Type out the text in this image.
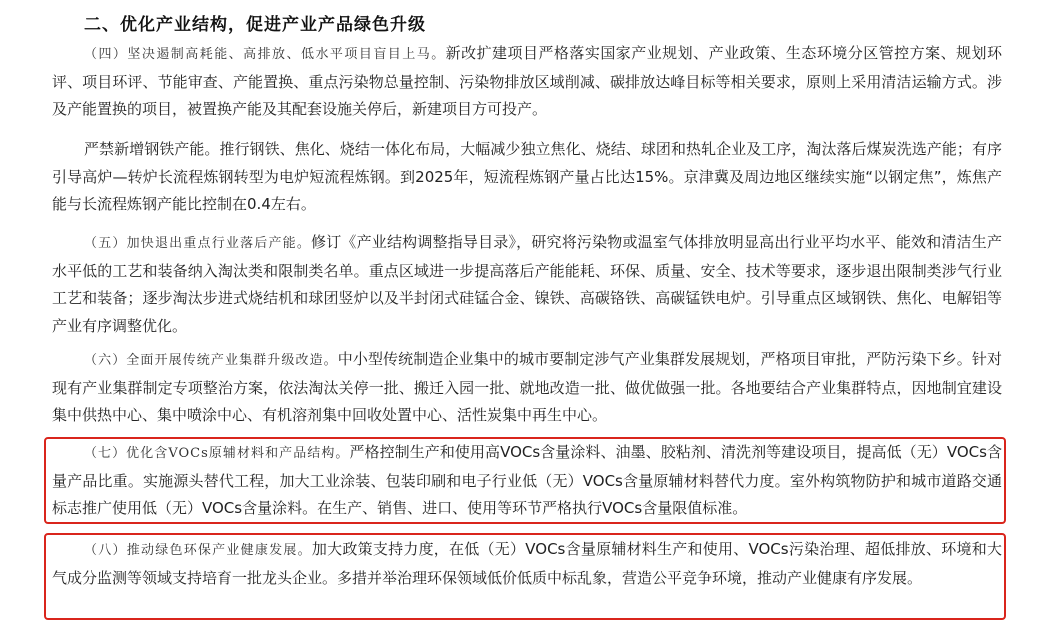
二、优化产业结构，促进产业产品绿色升级
（四）坚决遏制高耗能、高排放、低水平项目盲目上马。新改扩建项目严格落实国家产业规划、产业政策、生态环境分区管控方案、规划环评、项目环评、节能审查、产能置换、重点污染物总量控制、污染物排放区域削减、碳排放达峰目标等相关要求，原则上采用清洁运输方式。涉及产能置换的项目，被置换产能及其配套设施关停后，新建项目方可投产。
严禁新增钢铁产能。推行钢铁、焦化、烧结一体化布局，大幅减少独立焦化、烧结、球团和热轧企业及工序，淘汰落后煤炭洗选产能；有序引导高炉—转炉长流程炼钢转型为电炉短流程炼钢。到2025年，短流程炼钢产量占比达15%。京津冀及周边地区继续实施“以钢定焦”，炼焦产能与长流程炼钢产能比控制在0.4左右。
（五）加快退出重点行业落后产能。修订《产业结构调整指导目录》，研究将污染物或温室气体排放明显高出行业平均水平、能效和清洁生产水平低的工艺和装备纳入淘汰类和限制类名单。重点区域进一步提高落后产能能耗、环保、质量、安全、技术等要求，逐步退出限制类涉气行业工艺和装备；逐步淘汰步进式烧结机和球团竖炉以及半封闭式硅锰合金、镍铁、高碳铬铁、高碳锰铁电炉。引导重点区域钢铁、焦化、电解铝等产业有序调整优化。
（六）全面开展传统产业集群升级改造。中小型传统制造企业集中的城市要制定涉气产业集群发展规划，严格项目审批，严防污染下乡。针对现有产业集群制定专项整治方案，依法淘汰关停一批、搬迁入园一批、就地改造一批、做优做强一批。各地要结合产业集群特点，因地制宜建设集中供热中心、集中喷涂中心、有机溶剂集中回收处置中心、活性炭集中再生中心。
（七）优化含VOCs原辅材料和产品结构。严格控制生产和使用高VOCs含量涂料、油墨、胶粘剂、清洗剂等建设项目，提高低（无）VOCs含量产品比重。实施源头替代工程，加大工业涂装、包装印刷和电子行业低（无）VOCs含量原辅材料替代力度。室外构筑物防护和城市道路交通标志推广使用低（无）VOCs含量涂料。在生产、销售、进口、使用等环节严格执行VOCs含量限值标准。
（八）推动绿色环保产业健康发展。加大政策支持力度，在低（无）VOCs含量原辅材料生产和使用、VOCs污染治理、超低排放、环境和大气成分监测等领域支持培育一批龙头企业。多措并举治理环保领域低价低质中标乱象，营造公平竞争环境，推动产业健康有序发展。
